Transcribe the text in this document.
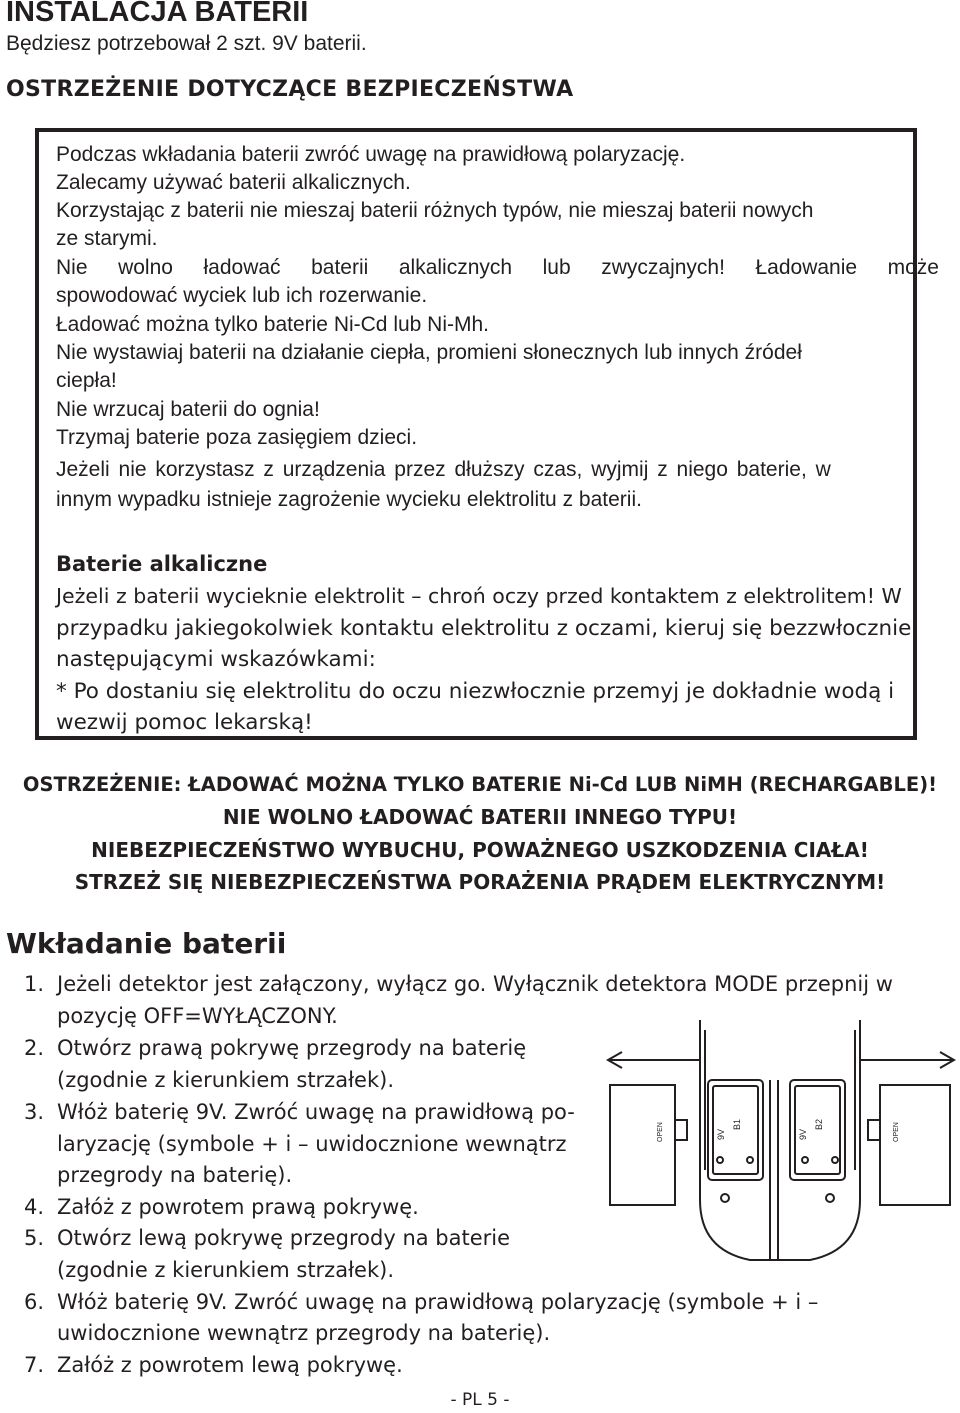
INSTALACJA BATERII
Będziesz potrzebował 2 szt. 9V baterii.
OSTRZEŻENIE DOTYCZĄCE BEZPIECZEŃSTWA
Podczas wkładania baterii zwróć uwagę na prawidłową polaryzację.
Zalecamy używać baterii alkalicznych.
Korzystając z baterii nie mieszaj baterii różnych typów, nie mieszaj baterii nowych
ze starymi.
Nie wolno ładować baterii alkalicznych lub zwyczajnych! Ładowanie może
spowodować wyciek lub ich rozerwanie.
Ładować można tylko baterie Ni-Cd lub Ni-Mh.
Nie wystawiaj baterii na działanie ciepła, promieni słonecznych lub innych źródeł
ciepła!
Nie wrzucaj baterii do ognia!
Trzymaj baterie poza zasięgiem dzieci.
Jeżeli nie korzystasz z urządzenia przez dłuższy czas, wyjmij z niego baterie, w
innym wypadku istnieje zagrożenie wycieku elektrolitu z baterii.
Baterie alkaliczne
Jeżeli z baterii wycieknie elektrolit – chroń oczy przed kontaktem z elektrolitem! W
przypadku jakiegokolwiek kontaktu elektrolitu z oczami, kieruj się bezzwłocznie
następującymi wskazówkami:
* Po dostaniu się elektrolitu do oczu niezwłocznie przemyj je dokładnie wodą i
wezwij pomoc lekarską!
OSTRZEŻENIE: ŁADOWAĆ MOŻNA TYLKO BATERIE Ni-Cd LUB NiMH (RECHARGABLE)!
NIE WOLNO ŁADOWAĆ BATERII INNEGO TYPU!
NIEBEZPIECZEŃSTWO WYBUCHU, POWAŻNEGO USZKODZENIA CIAŁA!
STRZEŻ SIĘ NIEBEZPIECZEŃSTWA PORAŻENIA PRĄDEM ELEKTRYCZNYM!
Wkładanie baterii
1. Jeżeli detektor jest załączony, wyłącz go. Wyłącznik detektora MODE przepnij w
pozycję OFF=WYŁĄCZONY.
2. Otwórz prawą pokrywę przegrody na baterię
(zgodnie z kierunkiem strzałek).
3. Włóż baterię 9V. Zwróć uwagę na prawidłową po-
laryzację (symbole + i – uwidocznione wewnątrz
przegrody na baterię).
4. Załóż z powrotem prawą pokrywę.
5. Otwórz lewą pokrywę przegrody na baterie
(zgodnie z kierunkiem strzałek).
6. Włóż baterię 9V. Zwróć uwagę na prawidłową polaryzację (symbole + i –
uwidocznione wewnątrz przegrody na baterię).
7. Załóż z powrotem lewą pokrywę.
9V
B1
9V
B2
OPEN	OPEN
- PL 5 -
